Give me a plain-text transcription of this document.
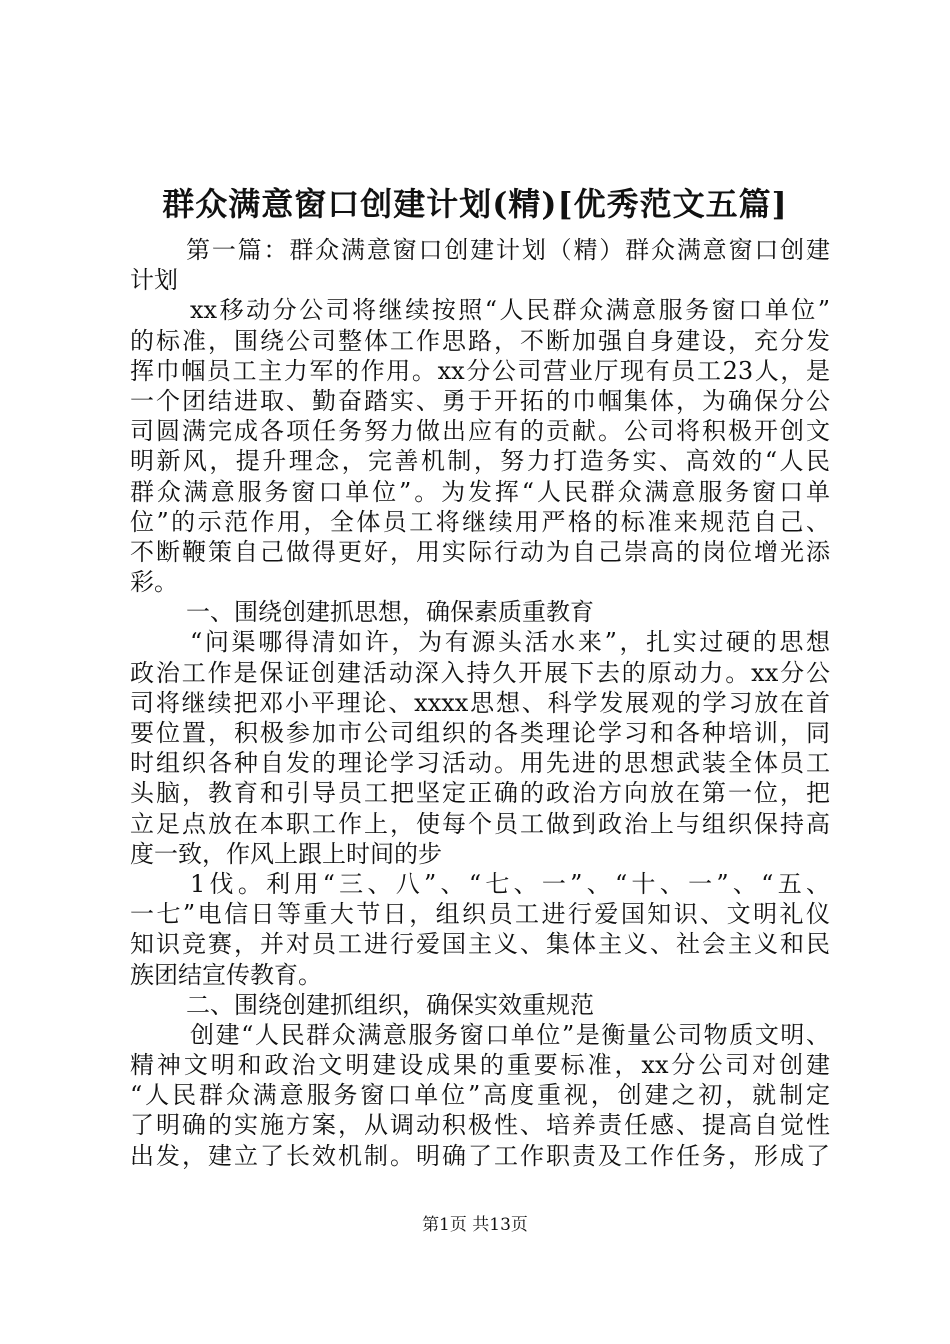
群众满意窗口创建计划(精)[优秀范文五篇]
第一篇：群众满意窗口创建计划（精）群众满意窗口创建
计划
xx移动分公司将继续按照“人民群众满意服务窗口单位”
的标准，围绕公司整体工作思路，不断加强自身建设，充分发
挥巾帼员工主力军的作用。xx分公司营业厅现有员工23人，是
一个团结进取、勤奋踏实、勇于开拓的巾帼集体，为确保分公
司圆满完成各项任务努力做出应有的贡献。公司将积极开创文
明新风，提升理念，完善机制，努力打造务实、高效的“人民
群众满意服务窗口单位”。为发挥“人民群众满意服务窗口单
位”的示范作用，全体员工将继续用严格的标准来规范自己、
不断鞭策自己做得更好，用实际行动为自己崇高的岗位增光添
彩。
一、围绕创建抓思想，确保素质重教育
“问渠哪得清如许，为有源头活水来”，扎实过硬的思想
政治工作是保证创建活动深入持久开展下去的原动力。xx分公
司将继续把邓小平理论、xxxx思想、科学发展观的学习放在首
要位置，积极参加市公司组织的各类理论学习和各种培训，同
时组织各种自发的理论学习活动。用先进的思想武装全体员工
头脑，教育和引导员工把坚定正确的政治方向放在第一位，把
立足点放在本职工作上，使每个员工做到政治上与组织保持高
度一致，作风上跟上时间的步
1伐。利用“三、八”、“七、一”、“十、一”、“五、
一七”电信日等重大节日，组织员工进行爱国知识、文明礼仪
知识竞赛，并对员工进行爱国主义、集体主义、社会主义和民
族团结宣传教育。
二、围绕创建抓组织，确保实效重规范
创建“人民群众满意服务窗口单位”是衡量公司物质文明、
精神文明和政治文明建设成果的重要标准，xx分公司对创建
“人民群众满意服务窗口单位”高度重视，创建之初，就制定
了明确的实施方案，从调动积极性、培养责任感、提高自觉性
出发，建立了长效机制。明确了工作职责及工作任务，形成了
第1页 共13页
